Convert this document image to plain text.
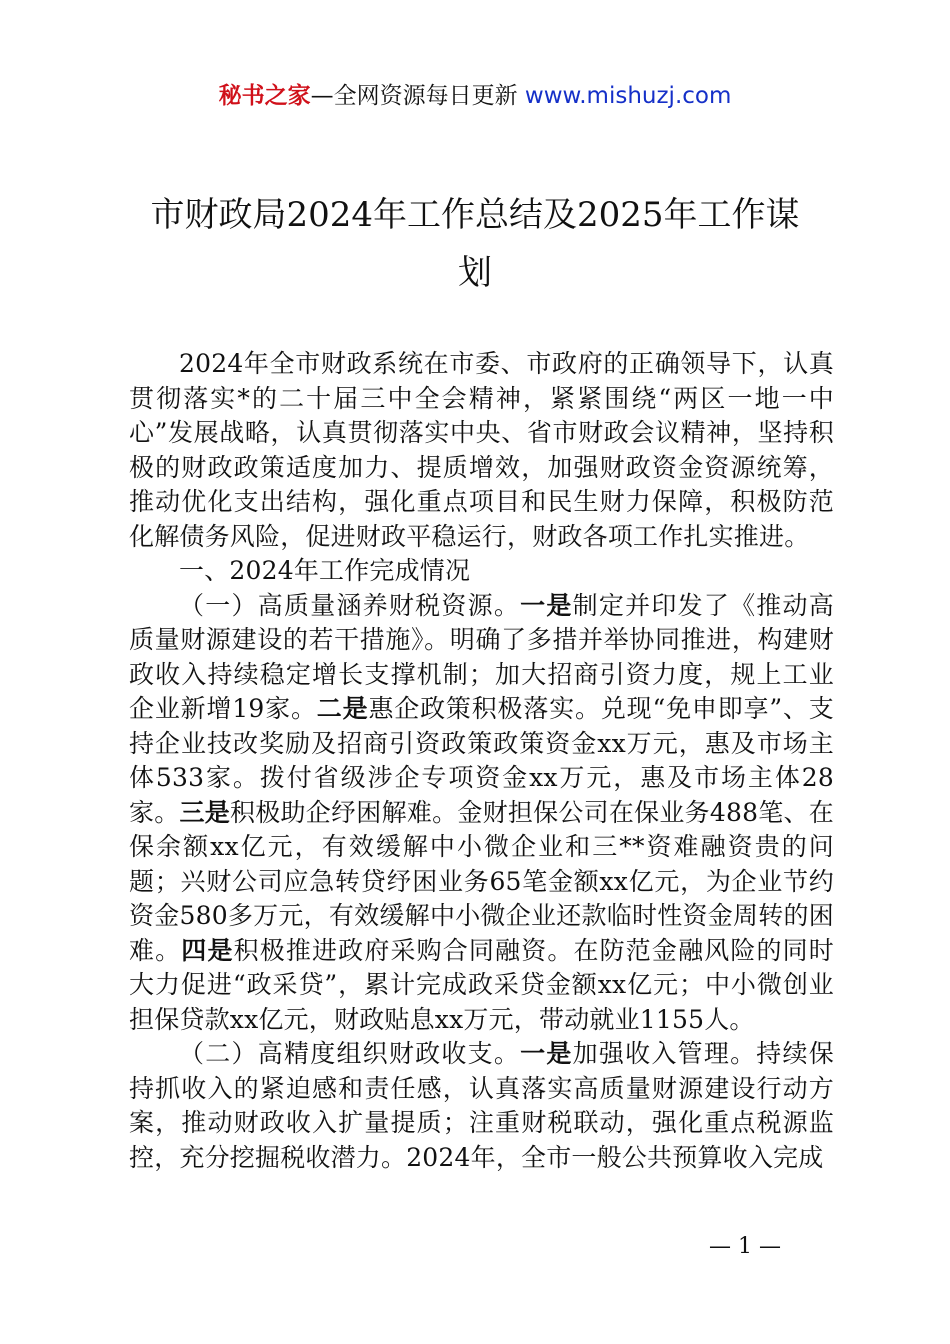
秘书之家—全网资源每日更新 www.mishuzj.com
市财政局2024年工作总结及2025年工作谋
划

2024年全市财政系统在市委、市政府的正确领导下，认真贯彻落实*的二十届三中全会精神，紧紧围绕“两区一地一中心”发展战略，认真贯彻落实中央、省市财政会议精神，坚持积极的财政政策适度加力、提质增效，加强财政资金资源统筹，推动优化支出结构，强化重点项目和民生财力保障，积极防范化解债务风险，促进财政平稳运行，财政各项工作扎实推进。

一、2024年工作完成情况

（一）高质量涵养财税资源。一是制定并印发了《推动高质量财源建设的若干措施》。明确了多措并举协同推进，构建财政收入持续稳定增长支撑机制；加大招商引资力度，规上工业企业新增19家。二是惠企政策积极落实。兑现“免申即享”、支持企业技改奖励及招商引资政策政策资金xx万元，惠及市场主体533家。拨付省级涉企专项资金xx万元，惠及市场主体28家。三是积极助企纾困解难。金财担保公司在保业务488笔、在保余额xx亿元，有效缓解中小微企业和三**资难融资贵的问题；兴财公司应急转贷纾困业务65笔金额xx亿元，为企业节约资金580多万元，有效缓解中小微企业还款临时性资金周转的困难。四是积极推进政府采购合同融资。在防范金融风险的同时大力促进“政采贷”，累计完成政采贷金额xx亿元；中小微创业担保贷款xx亿元，财政贴息xx万元，带动就业1155人。

（二）高精度组织财政收支。一是加强收入管理。持续保持抓收入的紧迫感和责任感，认真落实高质量财源建设行动方案，推动财政收入扩量提质；注重财税联动，强化重点税源监控，充分挖掘税收潜力。2024年，全市一般公共预算收入完成

— 1 —
